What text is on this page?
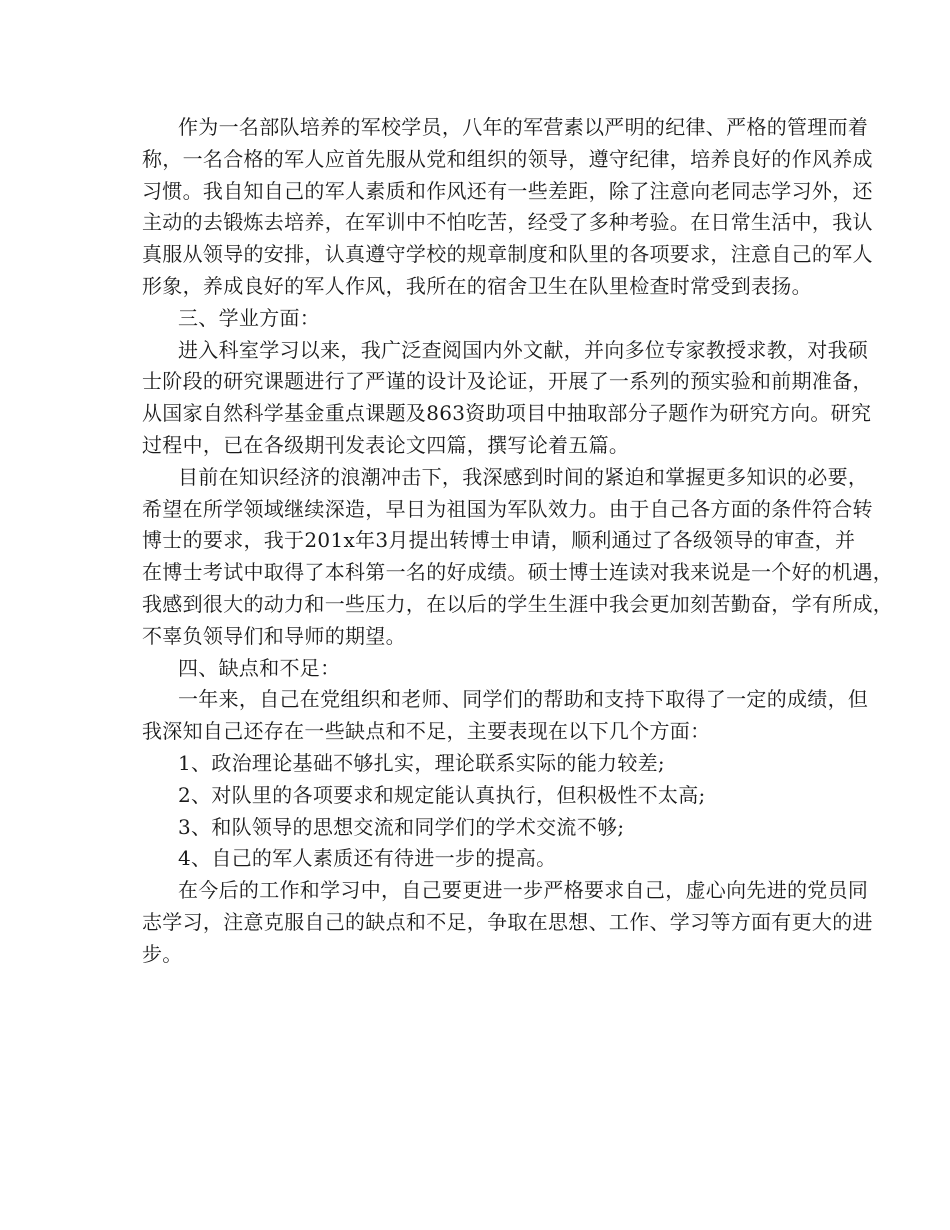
作为一名部队培养的军校学员，八年的军营素以严明的纪律、严格的管理而着
称，一名合格的军人应首先服从党和组织的领导，遵守纪律，培养良好的作风养成
习惯。我自知自己的军人素质和作风还有一些差距，除了注意向老同志学习外，还
主动的去锻炼去培养，在军训中不怕吃苦，经受了多种考验。在日常生活中，我认
真服从领导的安排，认真遵守学校的规章制度和队里的各项要求，注意自己的军人
形象，养成良好的军人作风，我所在的宿舍卫生在队里检查时常受到表扬。
三、学业方面：
进入科室学习以来，我广泛查阅国内外文献，并向多位专家教授求教，对我硕
士阶段的研究课题进行了严谨的设计及论证，开展了一系列的预实验和前期准备，
从国家自然科学基金重点课题及863资助项目中抽取部分子题作为研究方向。研究
过程中，已在各级期刊发表论文四篇，撰写论着五篇。
目前在知识经济的浪潮冲击下，我深感到时间的紧迫和掌握更多知识的必要，
希望在所学领域继续深造，早日为祖国为军队效力。由于自己各方面的条件符合转
博士的要求，我于201x年3月提出转博士申请，顺利通过了各级领导的审查，并
在博士考试中取得了本科第一名的好成绩。硕士博士连读对我来说是一个好的机遇，
我感到很大的动力和一些压力，在以后的学生生涯中我会更加刻苦勤奋，学有所成，
不辜负领导们和导师的期望。
四、缺点和不足：
一年来，自己在党组织和老师、同学们的帮助和支持下取得了一定的成绩，但
我深知自己还存在一些缺点和不足，主要表现在以下几个方面：
1、政治理论基础不够扎实，理论联系实际的能力较差;
2、对队里的各项要求和规定能认真执行，但积极性不太高;
3、和队领导的思想交流和同学们的学术交流不够;
4、自己的军人素质还有待进一步的提高。
在今后的工作和学习中，自己要更进一步严格要求自己，虚心向先进的党员同
志学习，注意克服自己的缺点和不足，争取在思想、工作、学习等方面有更大的进
步。
